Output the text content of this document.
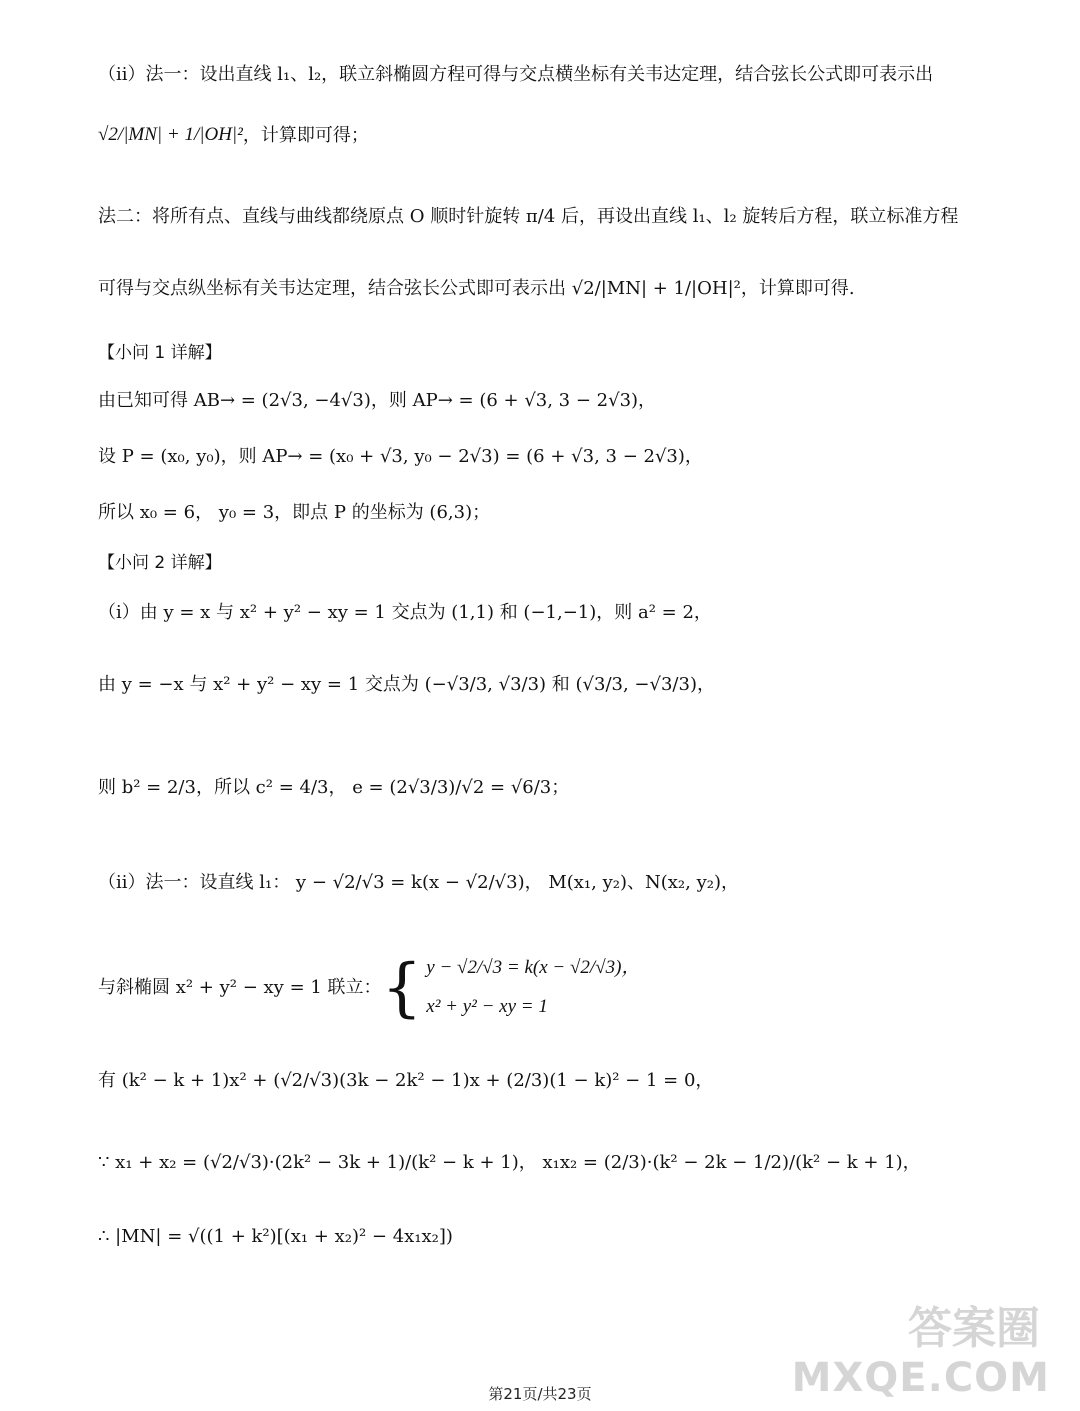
（ii）法一：设出直线 l₁、l₂，联立斜椭圆方程可得与交点横坐标有关韦达定理，结合弦长公式即可表示出
√2/|MN| + 1/|OH|² ，计算即可得；
法二：将所有点、直线与曲线都绕原点 O 顺时针旋转 π/4 后，再设出直线 l₁、l₂ 旋转后方程，联立标准方程
可得与交点纵坐标有关韦达定理，结合弦长公式即可表示出 √2/|MN| + 1/|OH|²，计算即可得.
【小问 1 详解】
由已知可得 AB→ = (2√3, −4√3)，则 AP→ = (6 + √3, 3 − 2√3)，
设 P = (x₀, y₀)，则 AP→ = (x₀ + √3, y₀ − 2√3) = (6 + √3, 3 − 2√3)，
所以 x₀ = 6， y₀ = 3，即点 P 的坐标为 (6,3)；
【小问 2 详解】
（i）由 y = x 与 x² + y² − xy = 1 交点为 (1,1) 和 (−1,−1)，则 a² = 2，
由 y = −x 与 x² + y² − xy = 1 交点为 (−√3/3, √3/3) 和 (√3/3, −√3/3)，
则 b² = 2/3，所以 c² = 4/3， e = (2√3/3)/√2 = √6/3；
（ii）法一：设直线 l₁： y − √2/√3 = k(x − √2/√3)， M(x₁, y₂)、N(x₂, y₂)，
与斜椭圆 x² + y² − xy = 1 联立： { y − √2/√3 = k(x − √2/√3)，
x² + y² − xy = 1
有 (k² − k + 1)x² + (√2/√3)(3k − 2k² − 1)x + (2/3)(1 − k)² − 1 = 0，
∵ x₁ + x₂ = (√2/√3)·(2k² − 3k + 1)/(k² − k + 1)， x₁x₂ = (2/3)·(k² − 2k − 1/2)/(k² − k + 1)，
∴ |MN| = √((1 + k²)[(x₁ + x₂)² − 4x₁x₂])
第21页/共23页
答案圈
MXQE.COM
